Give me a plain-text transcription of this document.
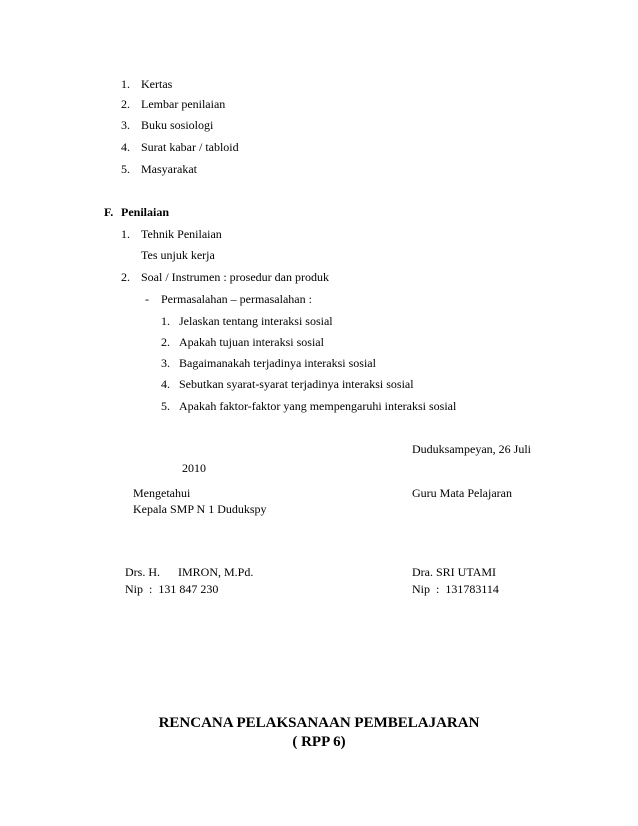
1. Kertas
2. Lembar penilaian
3. Buku sosiologi
4. Surat kabar / tabloid
5. Masyarakat
F. Penilaian
1. Tehnik Penilaian
Tes unjuk kerja
2. Soal / Instrumen : prosedur dan produk
- Permasalahan – permasalahan :
1. Jelaskan tentang interaksi sosial
2. Apakah tujuan interaksi sosial
3. Bagaimanakah terjadinya interaksi sosial
4. Sebutkan syarat-syarat terjadinya interaksi sosial
5. Apakah faktor-faktor yang mempengaruhi interaksi sosial
Duduksampeyan, 26 Juli
2010
Mengetahui
Kepala SMP N 1 Dudukspy
Guru Mata Pelajaran
Drs. H.      IMRON, M.Pd.
Nip  :  131 847 230
Dra. SRI UTAMI
Nip  :  131783114
RENCANA PELAKSANAAN PEMBELAJARAN
( RPP 6)
